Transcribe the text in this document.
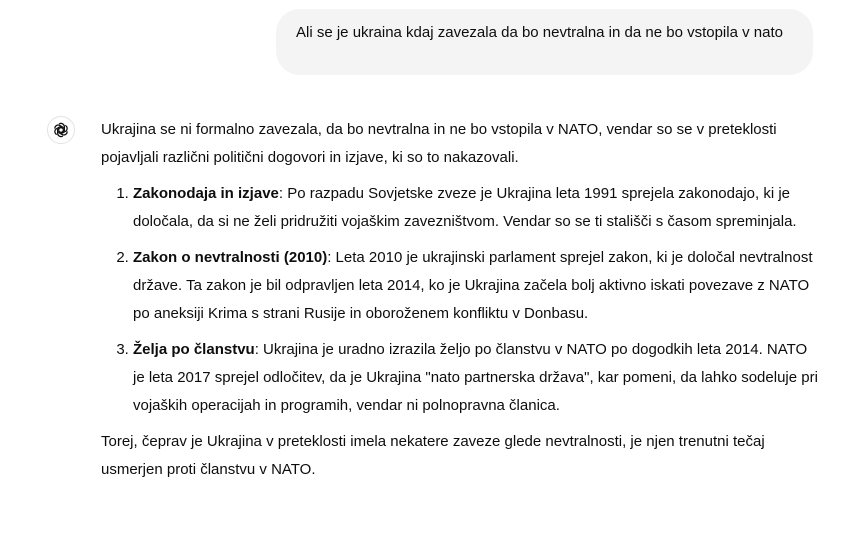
Ali se je ukraina kdaj zavezala da bo nevtralna in da ne bo vstopila v nato

Ukrajina se ni formalno zavezala, da bo nevtralna in ne bo vstopila v NATO, vendar so se v preteklosti pojavljali različni politični dogovori in izjave, ki so to nakazovali.

1. Zakonodaja in izjave: Po razpadu Sovjetske zveze je Ukrajina leta 1991 sprejela zakonodajo, ki je določala, da si ne želi pridružiti vojaškim zavezništvom. Vendar so se ti stališči s časom spreminjala.
2. Zakon o nevtralnosti (2010): Leta 2010 je ukrajinski parlament sprejel zakon, ki je določal nevtralnost države. Ta zakon je bil odpravljen leta 2014, ko je Ukrajina začela bolj aktivno iskati povezave z NATO po aneksiji Krima s strani Rusije in oboroženem konfliktu v Donbasu.
3. Želja po članstvu: Ukrajina je uradno izrazila željo po članstvu v NATO po dogodkih leta 2014. NATO je leta 2017 sprejel odločitev, da je Ukrajina "nato partnerska država", kar pomeni, da lahko sodeluje pri vojaških operacijah in programih, vendar ni polnopravna članica.

Torej, čeprav je Ukrajina v preteklosti imela nekatere zaveze glede nevtralnosti, je njen trenutni tečaj usmerjen proti članstvu v NATO.
